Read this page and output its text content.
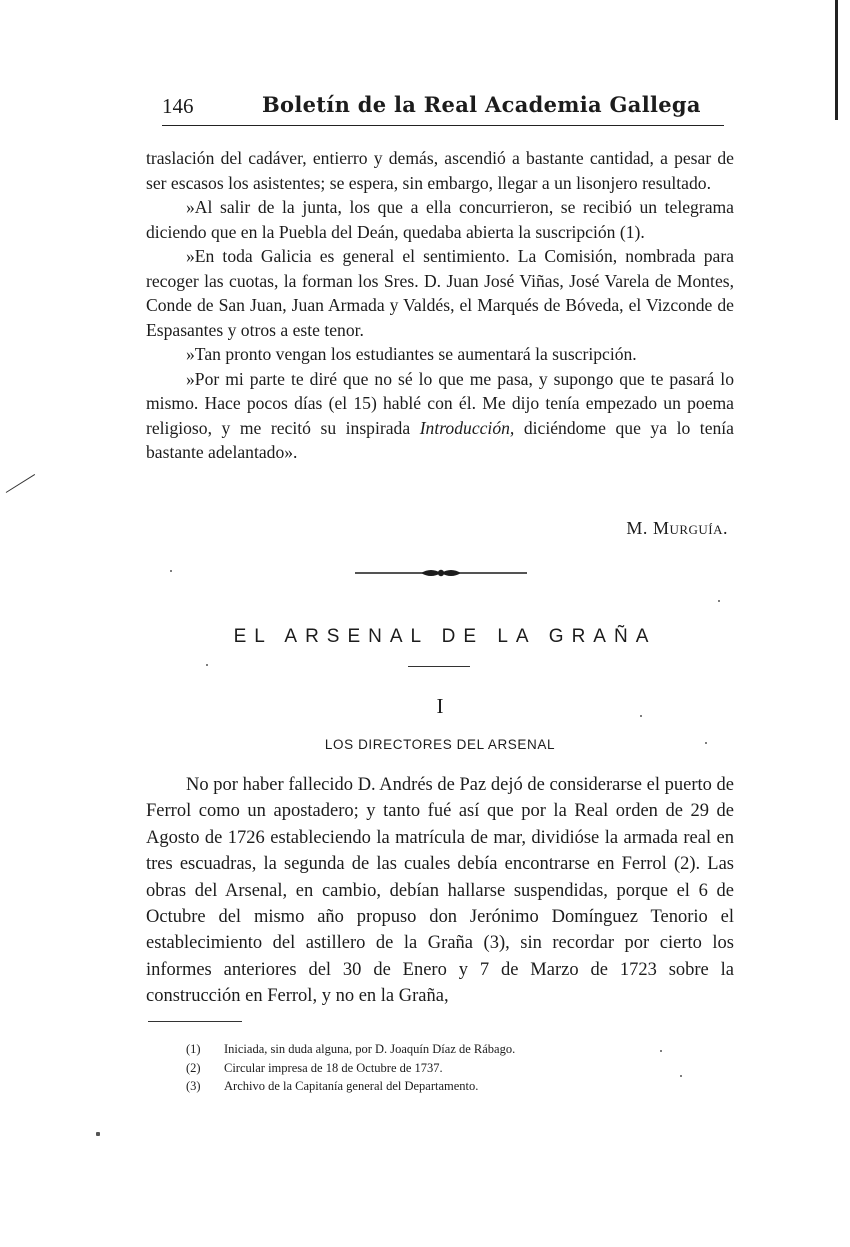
146	Boletín de la Real Academia Gallega

traslación del cadáver, entierro y demás, ascendió a bastante cantidad, a pesar de ser escasos los asistentes; se espera, sin embargo, llegar a un lisonjero resultado.

»Al salir de la junta, los que a ella concurrieron, se recibió un telegrama diciendo que en la Puebla del Deán, quedaba abierta la suscripción (1).

»En toda Galicia es general el sentimiento. La Comisión, nombrada para recoger las cuotas, la forman los Sres. D. Juan José Viñas, José Varela de Montes, Conde de San Juan, Juan Armada y Valdés, el Marqués de Bóveda, el Vizconde de Espasantes y otros a este tenor.

»Tan pronto vengan los estudiantes se aumentará la suscripción.

»Por mi parte te diré que no sé lo que me pasa, y supongo que te pasará lo mismo. Hace pocos días (el 15) hablé con él. Me dijo tenía empezado un poema religioso, y me recitó su inspirada Introducción, diciéndome que ya lo tenía bastante adelantado».

M. Murguía.
EL ARSENAL DE LA GRAÑA
I
LOS DIRECTORES DEL ARSENAL

No por haber fallecido D. Andrés de Paz dejó de considerarse el puerto de Ferrol como un apostadero; y tanto fué así que por la Real orden de 29 de Agosto de 1726 estableciendo la matrícula de mar, dividióse la armada real en tres escuadras, la segunda de las cuales debía encontrarse en Ferrol (2). Las obras del Arsenal, en cambio, debían hallarse suspendidas, porque el 6 de Octubre del mismo año propuso don Jerónimo Domínguez Tenorio el establecimiento del astillero de la Graña (3), sin recordar por cierto los informes anteriores del 30 de Enero y 7 de Marzo de 1723 sobre la construcción en Ferrol, y no en la Graña,

(1)	Iniciada, sin duda alguna, por D. Joaquín Díaz de Rábago.
(2)	Circular impresa de 18 de Octubre de 1737.
(3)	Archivo de la Capitanía general del Departamento.
